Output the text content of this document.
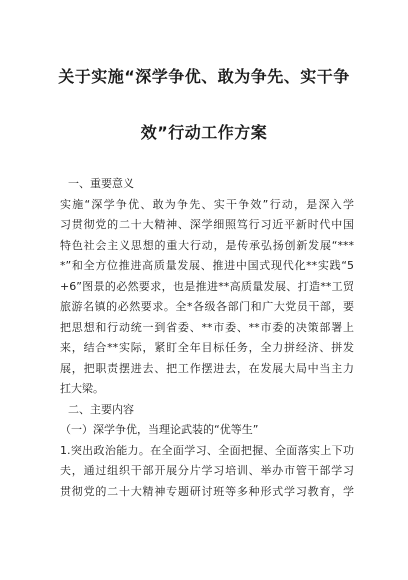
关于实施“深学争优、敢为争先、实干争
效”行动工作方案
一、重要意义
实施“深学争优、敢为争先、实干争效”行动，是深入学
习贯彻党的二十大精神、深学细照笃行习近平新时代中国
特色社会主义思想的重大行动，是传承弘扬创新发展“***
*”和全方位推进高质量发展、推进中国式现代化**实践“5
+6”图景的必然要求，也是推进**高质量发展、打造**工贸
旅游名镇的必然要求。全*各级各部门和广大党员干部，要
把思想和行动统一到省委、**市委、**市委的决策部署上
来，结合**实际，紧盯全年目标任务，全力拼经济、拼发
展，把职责摆进去、把工作摆进去，在发展大局中当主力
扛大梁。
二、主要内容
（一）深学争优，当理论武装的“优等生”
1.突出政治能力。在全面学习、全面把握、全面落实上下功
夫，通过组织干部开展分片学习培训、举办市管干部学习
贯彻党的二十大精神专题研讨班等多种形式学习教育，学
